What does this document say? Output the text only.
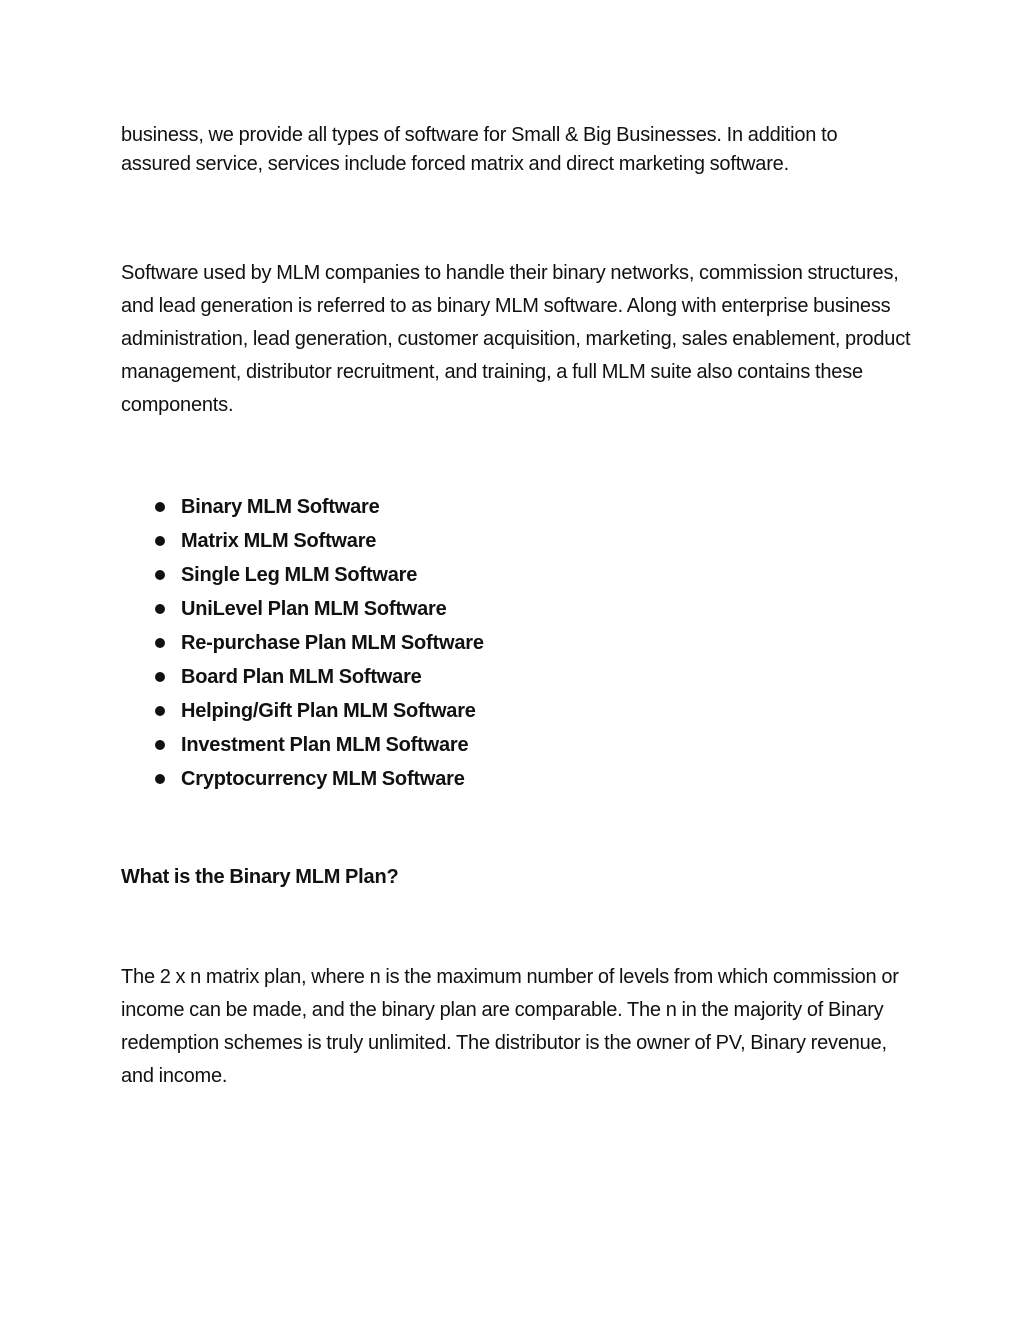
business, we provide all types of software for Small & Big Businesses. In addition to assured service, services include forced matrix and direct marketing software.

Software used by MLM companies to handle their binary networks, commission structures, and lead generation is referred to as binary MLM software. Along with enterprise business administration, lead generation, customer acquisition, marketing, sales enablement, product management, distributor recruitment, and training, a full MLM suite also contains these components.

Binary MLM Software
Matrix MLM Software
Single Leg MLM Software
UniLevel Plan MLM Software
Re-purchase Plan MLM Software
Board Plan MLM Software
Helping/Gift Plan MLM Software
Investment Plan MLM Software
Cryptocurrency MLM Software
What is the Binary MLM Plan?

The 2 x n matrix plan, where n is the maximum number of levels from which commission or income can be made, and the binary plan are comparable. The n in the majority of Binary redemption schemes is truly unlimited. The distributor is the owner of PV, Binary revenue, and income.
